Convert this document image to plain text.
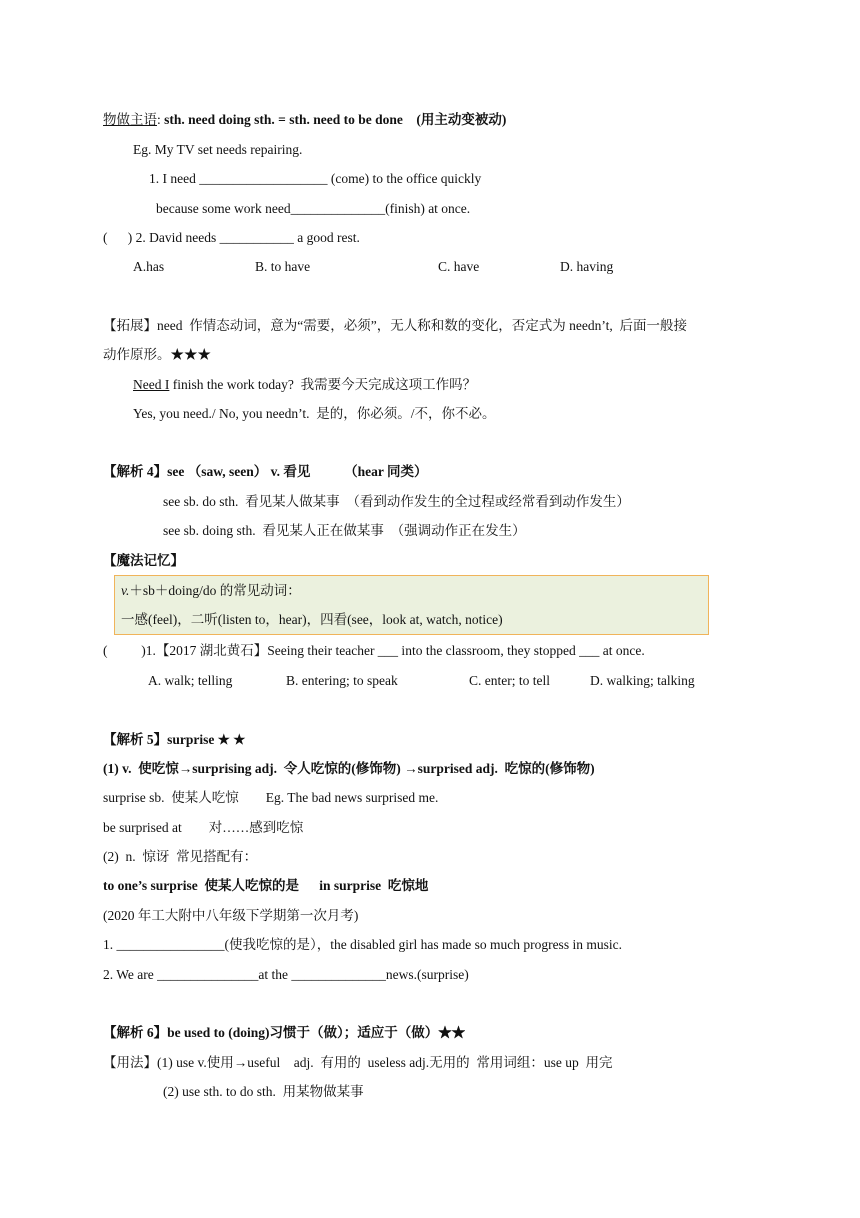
物做主语: sth. need doing sth. = sth. need to be done    (用主动变被动)
Eg. My TV set needs repairing.
1. I need ___________________ (come) to the office quickly
because some work need______________(finish) at once.
(      ) 2. David needs ___________ a good rest.
A.has	B. to have	C. have	D. having
【拓展】need  作情态动词，意为“需要，必须”，无人称和数的变化，否定式为 needn’t,  后面一般接
动作原形。★★★
Need I finish the work today?  我需要今天完成这项工作吗？
Yes, you need./ No, you needn’t.  是的，你必须。/不，你不必。
【解析 4】see （saw, seen） v. 看见          （hear 同类）
see sb. do sth.  看见某人做某事  （看到动作发生的全过程或经常看到动作发生）
see sb. doing sth.  看见某人正在做某事  （强调动作正在发生）
【魔法记忆】
v.＋sb＋doing/do 的常见动词：
一感(feel)，二听(listen to，hear)，四看(see，look at, watch, notice)
(          )1.【2017 湖北黄石】Seeing their teacher ___ into the classroom, they stopped ___ at once.
A. walk; telling	B. entering; to speak	C. enter; to tell	D. walking; talking
【解析 5】surprise ★ ★
(1) v.  使吃惊→surprising adj.  令人吃惊的(修饰物) →surprised adj.  吃惊的(修饰物)
surprise sb.  使某人吃惊        Eg. The bad news surprised me.
be surprised at        对……感到吃惊
(2)  n.  惊讶  常见搭配有：
to one’s surprise  使某人吃惊的是      in surprise  吃惊地
(2020 年工大附中八年级下学期第一次月考)
1. ________________(使我吃惊的是），the disabled girl has made so much progress in music.
2. We are _______________at the ______________news.(surprise)
【解析 6】be used to (doing)习惯于（做）；适应于（做）★★
【用法】(1) use v.使用→useful    adj.  有用的  useless adj.无用的  常用词组：use up  用完
(2) use sth. to do sth.  用某物做某事
